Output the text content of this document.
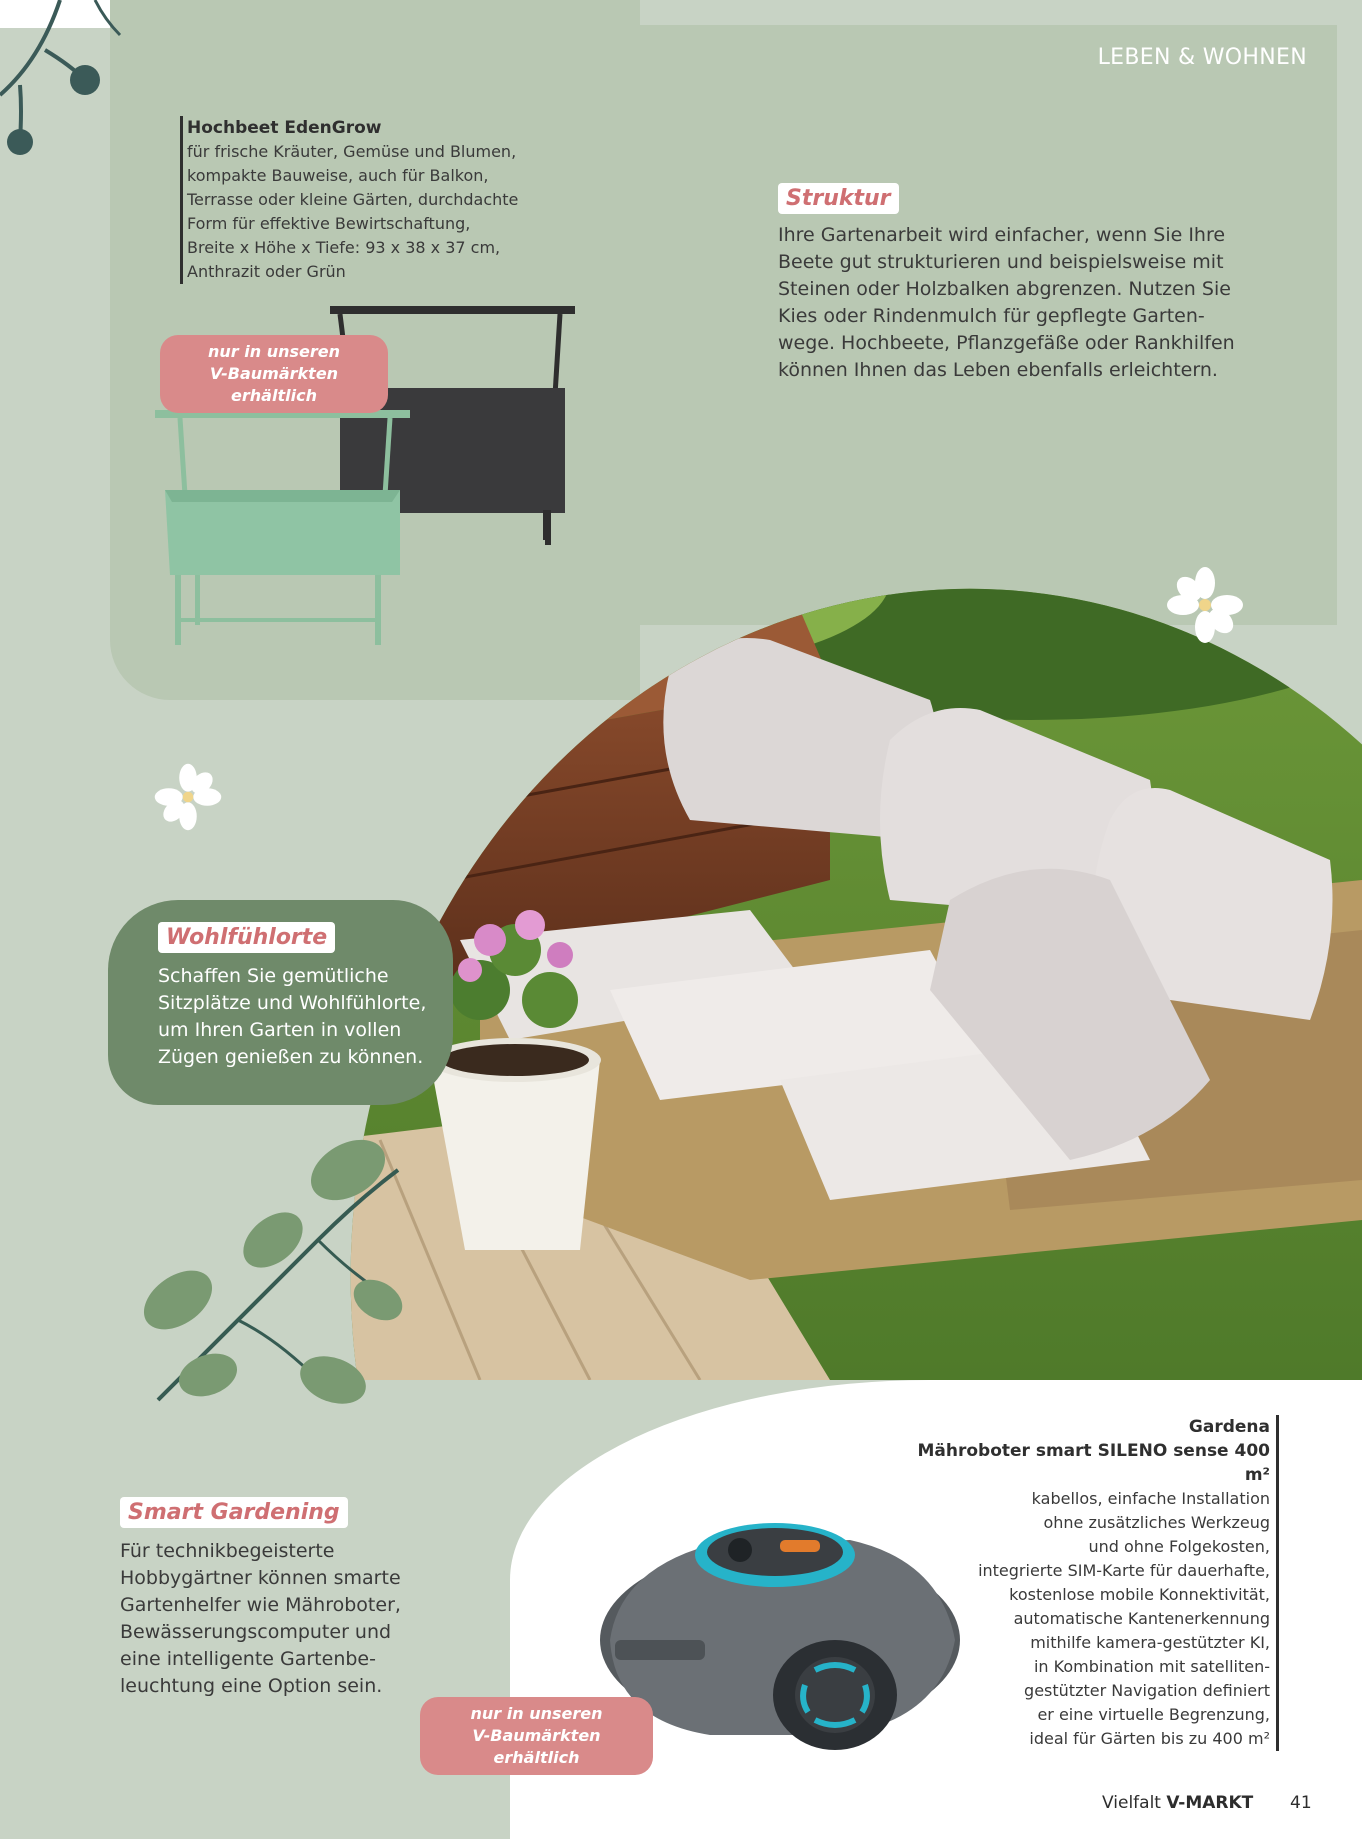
LEBEN & WOHNEN
Hochbeet EdenGrow
für frische Kräuter, Gemüse und Blumen,
kompakte Bauweise, auch für Balkon,
Terrasse oder kleine Gärten, durchdachte
Form für effektive Bewirtschaftung,
Breite x Höhe x Tiefe: 93 x 38 x 37 cm,
Anthrazit oder Grün
nur in unseren
V-Baumärkten erhältlich
Struktur
Ihre Gartenarbeit wird einfacher, wenn Sie Ihre
Beete gut strukturieren und beispielsweise mit
Steinen oder Holzbalken abgrenzen. Nutzen Sie
Kies oder Rindenmulch für gepflegte Garten-
wege. Hochbeete, Pflanzgefäße oder Rankhilfen
können Ihnen das Leben ebenfalls erleichtern.
Wohlfühlorte
Schaffen Sie gemütliche
Sitzplätze und Wohlfühlorte,
um Ihren Garten in vollen
Zügen genießen zu können.
Smart Gardening
Für technikbegeisterte
Hobbygärtner können smarte
Gartenhelfer wie Mähroboter,
Bewässerungscomputer und
eine intelligente Gartenbe-
leuchtung eine Option sein.
nur in unseren
V-Baumärkten erhältlich
Gardena
Mähroboter smart SILENO sense 400 m²
kabellos, einfache Installation
ohne zusätzliches Werkzeug
und ohne Folgekosten,
integrierte SIM-Karte für dauerhafte,
kostenlose mobile Konnektivität,
automatische Kantenerkennung
mithilfe kamera-gestützter KI,
in Kombination mit satelliten-
gestützter Navigation definiert
er eine virtuelle Begrenzung,
ideal für Gärten bis zu 400 m²
Vielfalt V-MARKT 41
